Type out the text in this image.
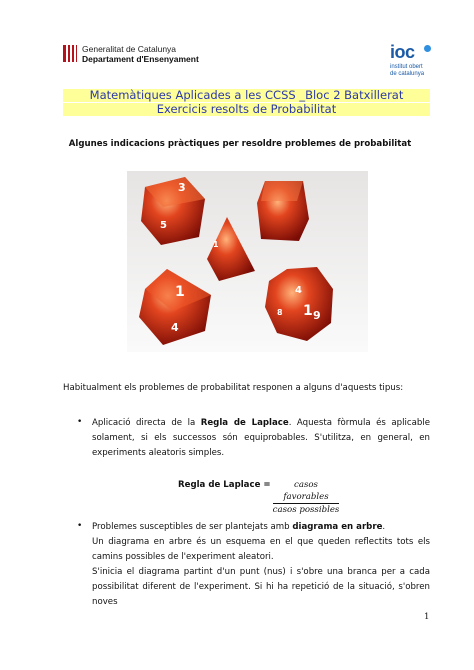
Generalitat de Catalunya
Departament d'Ensenyament	ioc
institut obert
de catalunya
Matemàtiques Aplicades a les CCSS _Bloc 2 Batxillerat
Exercicis resolts de Probabilitat
Algunes indicacions pràctiques per resoldre problemes de probabilitat
3
5
1
1
4
4
1 9
8
Habitualment els problemes de probabilitat responen a alguns d'aquests tipus:
• Aplicació directa de la Regla de Laplace. Aquesta fòrmula és aplicable solament, si els successos són equiprobables. S'utilitza, en general, en experiments aleatoris simples.
Regla de Laplace =	casos favorables
casos possibles
• Problemes susceptibles de ser plantejats amb diagrama en arbre.
Un diagrama en arbre és un esquema en el que queden reflectits tots els camins possibles de l'experiment aleatori.
S'inicia el diagrama partint d'un punt (nus) i s'obre una branca per a cada possibilitat diferent de l'experiment. Si hi ha repetició de la situació, s'obren noves
1
